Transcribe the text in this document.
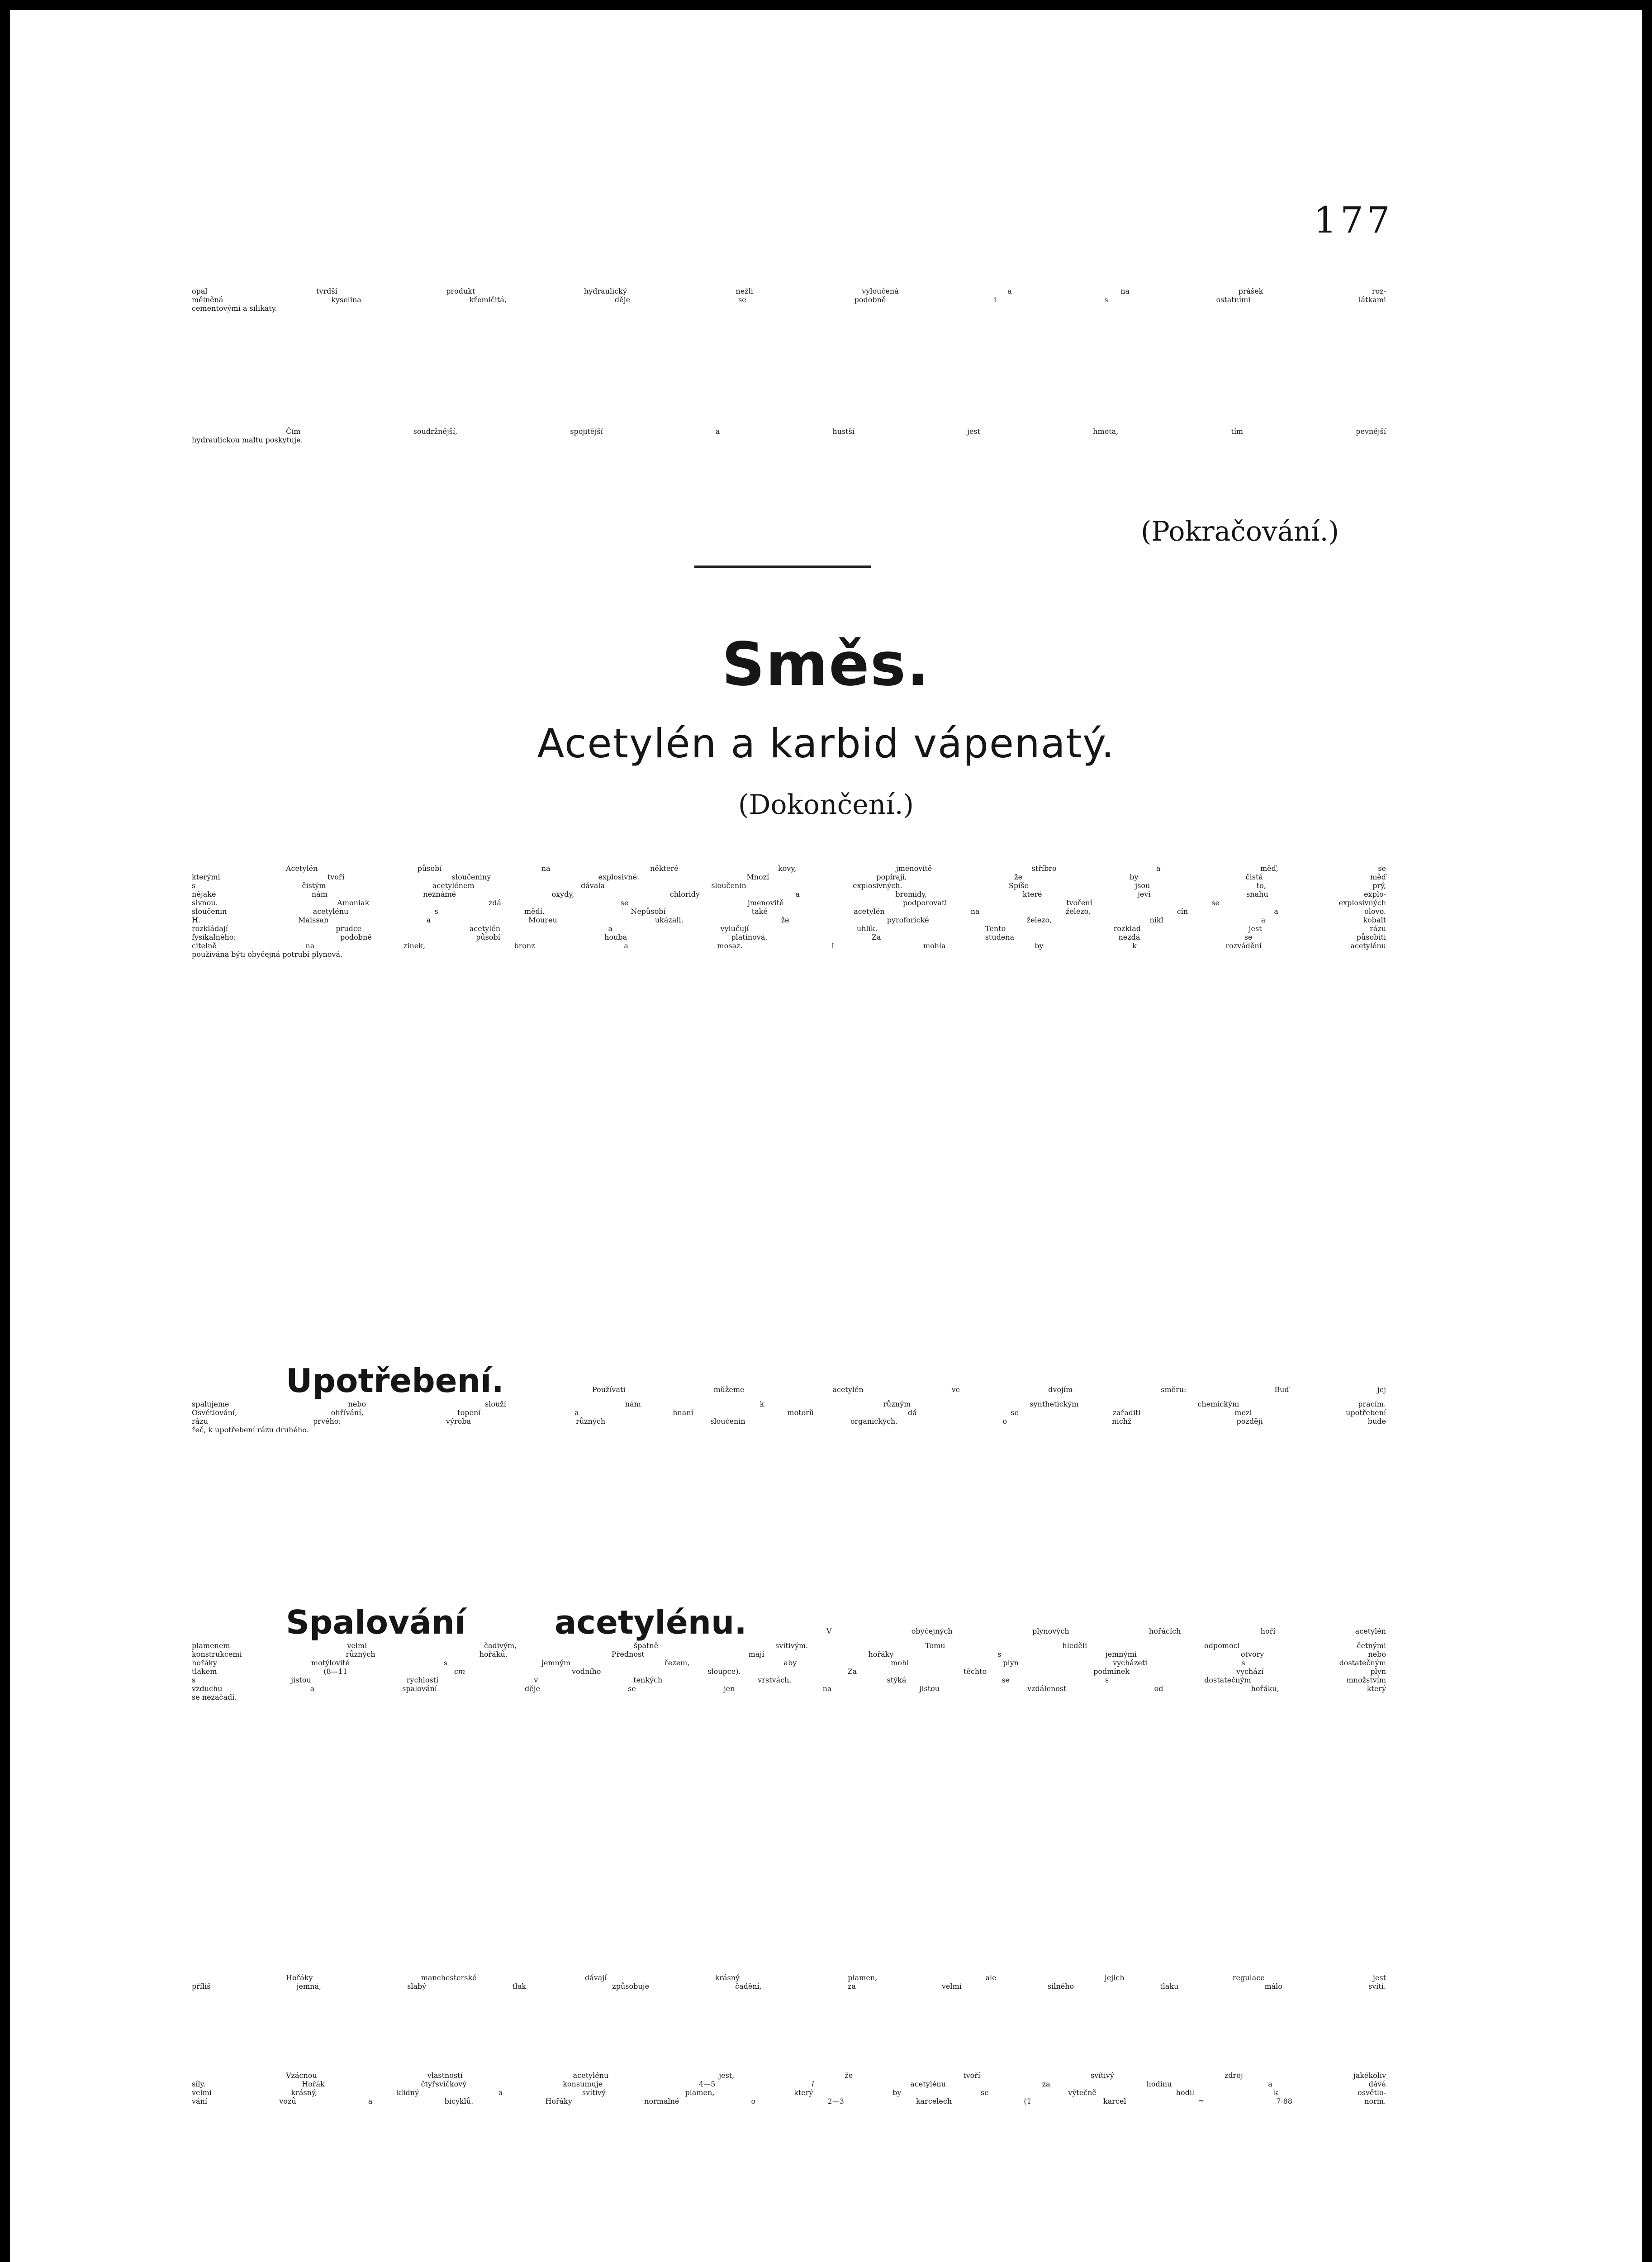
177
opal tvrdší produkt hydraulický nežli vyloučená a na prášek roz-
mělněná kyselina křemičitá, děje se podobně i s ostatními látkami
cementovými a silikaty.
Čím soudržnější, spojitější a hustší jest hmota, tím pevnější
hydraulickou maltu poskytuje.
(Pokračování.)
Směs.
Acetylén a karbid vápenatý.
(Dokončení.)
Acetylén působí na některé kovy, jmenovitě stříbro a měď, se
kterými tvoří sloučeniny explosivné. Mnozí popírají, že by čistá měď
s čistým acetylénem dávala sloučenin explosivných. Spíše jsou to, prý,
nějaké nám neznámé oxydy, chloridy a bromidy, které jeví snahu explo-
sivnou. Amoniak zdá se jmenovitě podporovati tvoření se explosivných
sloučenin acetylénu s mědí. Nepůsobí také acetylén na železo, cín a olovo.
H. Maissan a Moureu ukázali, že pyroforické železo, nikl a kobalt
rozkládají prudce acetylén a vylučují uhlík. Tento rozklad jest rázu
fysikalného; podobně působí houba platinová. Za studena nezdá se působiti
citelně na zinek, bronz a mosaz. I mohla by k rozvádění acetylénu
používána býti obyčejná potrubí plynová.
Upotřebení.	Používati můžeme acetylén ve dvojím směru: Buď jej
spalujeme nebo slouží nám k různým synthetickým chemickým pracím.
Osvětlování, ohřívání, topení a hnaní motorů dá se zařaditi mezi upotřebení
rázu prvého; výroba různých sloučenin organických, o nichž později bude
řeč, k upotřebení rázu druhého.
Spalování acetylénu.	V obyčejných plynových hořácích hoří acetylén
plamenem velmi čadivým, špatně svítivým. Tomu hleděli odpomoci četnými
konstrukcemi různých hořáků. Přednost mají hořáky s jemnými otvory nebo
hořáky motýlovité s jemným řezem, aby mohl plyn vycházeti s dostatečným
tlakem (8—11	cm	vodního sloupce). Za těchto podmínek vychází plyn
s jistou rychlostí v tenkých vrstvách, stýká se s dostatečným množstvím
vzduchu a spalování děje se jen na jistou vzdálenost od hořáku, který
se nezačadí.
Hořáky manchesterské dávají krásný plamen, ale jejich regulace jest
příliš jemná, slabý tlak způsobuje čadění, za velmi silného tlaku málo svítí.
Vzácnou vlastností acetylénu jest, že tvoří svítivý zdroj jakékoliv
síly. Hořák čtyřsvíčkový konsumuje 4—5	l	acetylénu za hodinu a dává
velmi krásný, klidný a svítivý plamen, který by se výtečně hodil k osvětlo-
vání vozů a bicyklů. Hořáky normalné o 2—3 karcelech (1 karcel = 7·88 norm.
